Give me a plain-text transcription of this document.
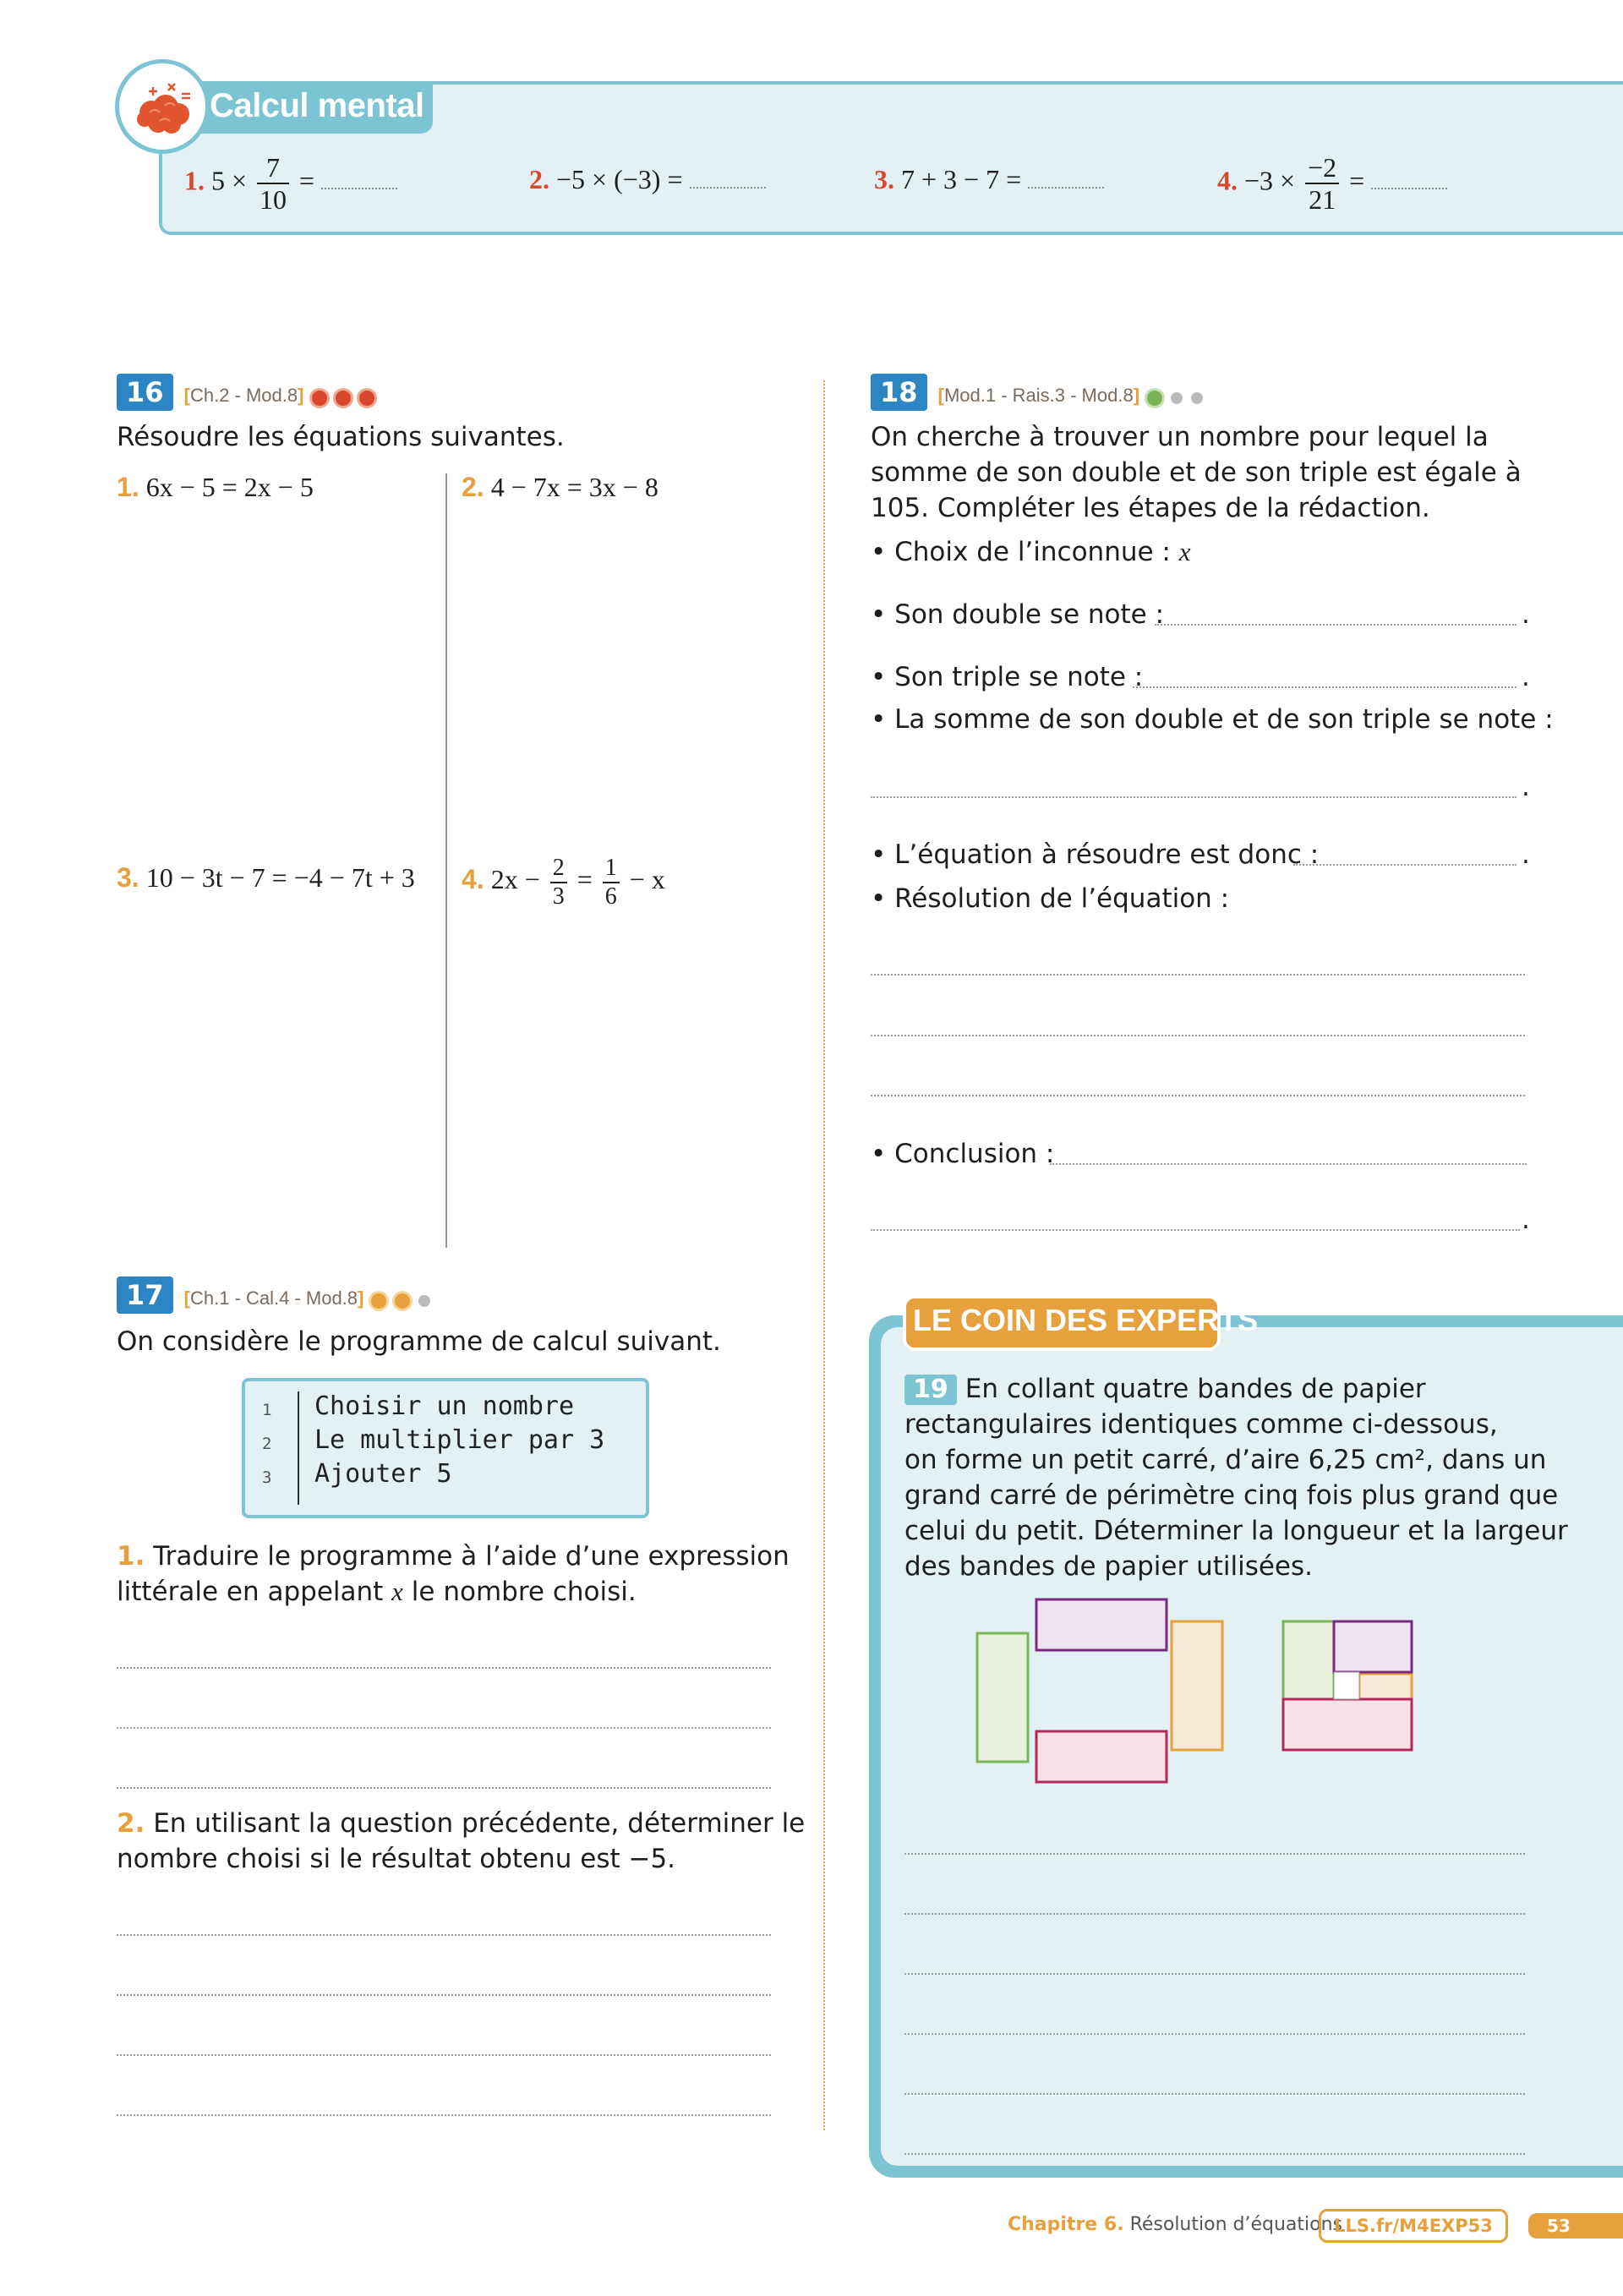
Calcul mental
1. $5 \times \frac{7}{10}$ =	2. −5 × (−3) =	3. 7 + 3 − 7 =	4. $-3 \times \frac{-2}{21}$ =
16 [Ch.2 - Mod.8]
Résoudre les équations suivantes.
1. 6x − 5 = 2x − 5	2. 4 − 7x = 3x − 8
3. 10 − 3t − 7 = −4 − 7t + 3 4. $2x - \frac{2}{3} = \frac{1}{6} - x$
17 [Ch.1 - Cal.4 - Mod.8]
On considère le programme de calcul suivant.
1
2
3
Choisir un nombre
Le multiplier par 3
Ajouter 5
1. Traduire le programme à l’aide d’une expression
littérale en appelant x le nombre choisi.
2. En utilisant la question précédente, déterminer le
nombre choisi si le résultat obtenu est −5.
18 [Mod.1 - Rais.3 - Mod.8]
On cherche à trouver un nombre pour lequel la
somme de son double et de son triple est égale à
105. Compléter les étapes de la rédaction.
• Choix de l’inconnue : x
• Son double se note :	.
• Son triple se note :	.
• La somme de son double et de son triple se note :
.
• L’équation à résoudre est donc :	.
• Résolution de l’équation :
• Conclusion :
.
LE COIN DES EXPERTS
19 En collant quatre bandes de papier
rectangulaires identiques comme ci-dessous,
on forme un petit carré, d’aire 6,25 cm², dans un
grand carré de périmètre cinq fois plus grand que
celui du petit. Déterminer la longueur et la largeur
des bandes de papier utilisées.
Chapitre 6. Résolution d’équations
LLS.fr/M4EXP53	53
